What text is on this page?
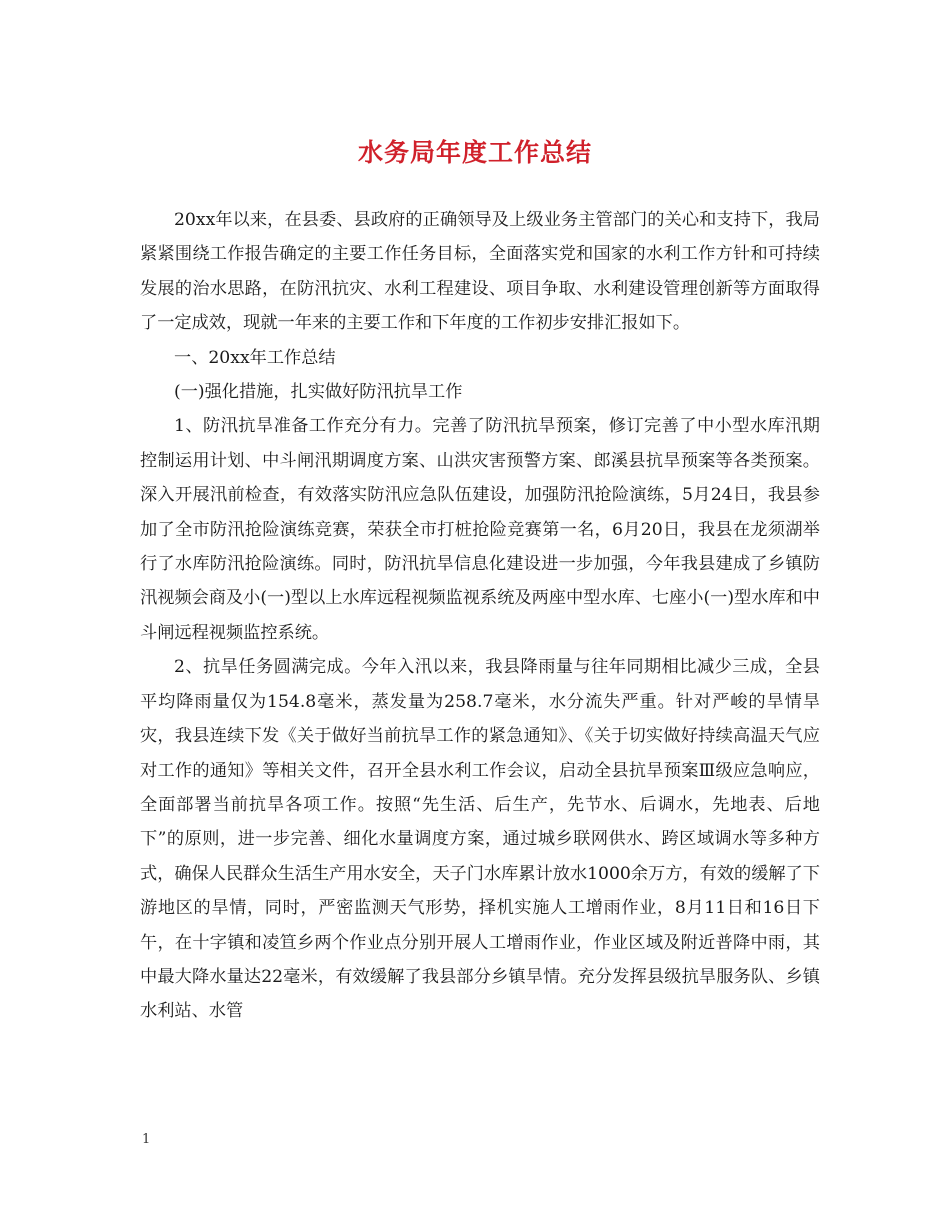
水务局年度工作总结

20xx年以来，在县委、县政府的正确领导及上级业务主管部门的关心和支持下，我局紧紧围绕工作报告确定的主要工作任务目标，全面落实党和国家的水利工作方针和可持续发展的治水思路，在防汛抗灾、水利工程建设、项目争取、水利建设管理创新等方面取得了一定成效，现就一年来的主要工作和下年度的工作初步安排汇报如下。

一、20xx年工作总结

(一)强化措施，扎实做好防汛抗旱工作

1、防汛抗旱准备工作充分有力。完善了防汛抗旱预案，修订完善了中小型水库汛期控制运用计划、中斗闸汛期调度方案、山洪灾害预警方案、郎溪县抗旱预案等各类预案。深入开展汛前检查，有效落实防汛应急队伍建设，加强防汛抢险演练，5月24日，我县参加了全市防汛抢险演练竞赛，荣获全市打桩抢险竞赛第一名，6月20日，我县在龙须湖举行了水库防汛抢险演练。同时，防汛抗旱信息化建设进一步加强，今年我县建成了乡镇防汛视频会商及小(一)型以上水库远程视频监视系统及两座中型水库、七座小(一)型水库和中斗闸远程视频监控系统。

2、抗旱任务圆满完成。今年入汛以来，我县降雨量与往年同期相比减少三成，全县平均降雨量仅为154.8毫米，蒸发量为258.7毫米，水分流失严重。针对严峻的旱情旱灾，我县连续下发《关于做好当前抗旱工作的紧急通知》、《关于切实做好持续高温天气应对工作的通知》等相关文件，召开全县水利工作会议，启动全县抗旱预案Ⅲ级应急响应，全面部署当前抗旱各项工作。按照“先生活、后生产，先节水、后调水，先地表、后地下”的原则，进一步完善、细化水量调度方案，通过城乡联网供水、跨区域调水等多种方式，确保人民群众生活生产用水安全，天子门水库累计放水1000余万方，有效的缓解了下游地区的旱情，同时，严密监测天气形势，择机实施人工增雨作业，8月11日和16日下午，在十字镇和凌笪乡两个作业点分别开展人工增雨作业，作业区域及附近普降中雨，其中最大降水量达22毫米，有效缓解了我县部分乡镇旱情。充分发挥县级抗旱服务队、乡镇水利站、水管

1
